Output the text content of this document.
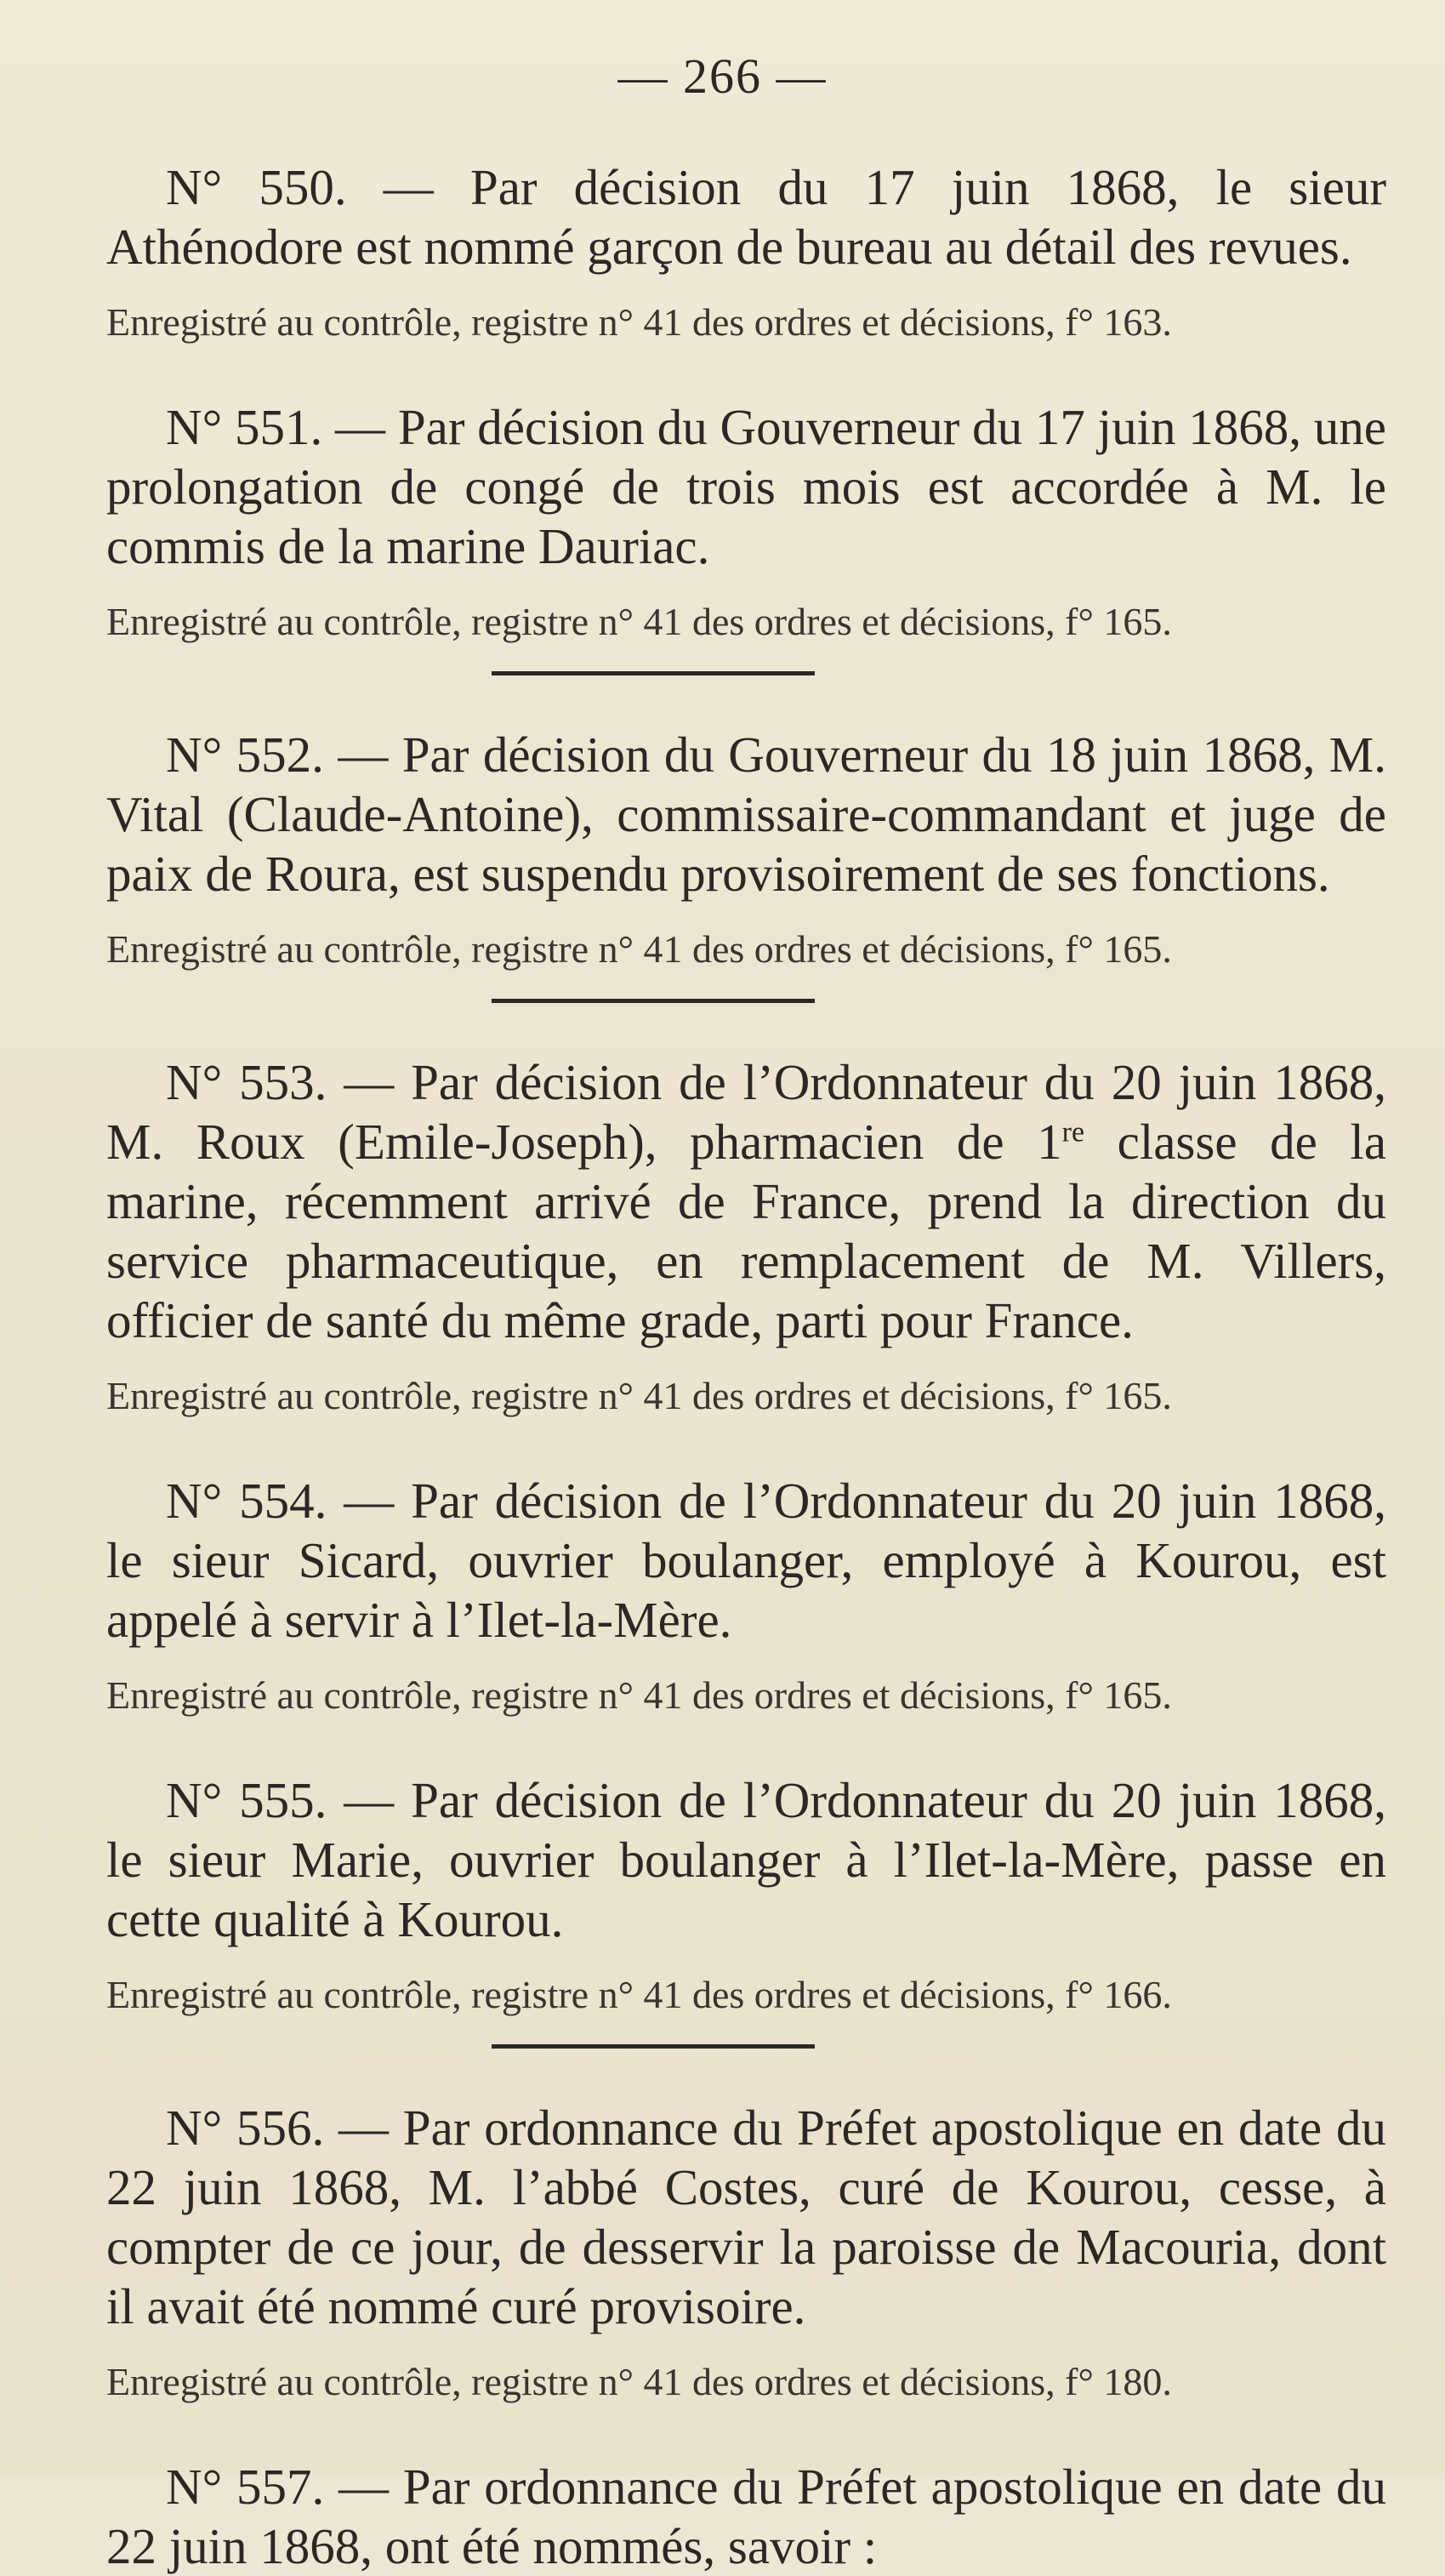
— 266 —

N° 550. — Par décision du 17 juin 1868, le sieur Athénodore est nommé garçon de bureau au détail des revues.

Enregistré au contrôle, registre n° 41 des ordres et décisions, f° 163.

N° 551. — Par décision du Gouverneur du 17 juin 1868, une prolongation de congé de trois mois est accordée à M. le commis de la marine Dauriac.

Enregistré au contrôle, registre n° 41 des ordres et décisions, f° 165.

N° 552. — Par décision du Gouverneur du 18 juin 1868, M. Vital (Claude-Antoine), commissaire-commandant et juge de paix de Roura, est suspendu provisoirement de ses fonctions.

Enregistré au contrôle, registre n° 41 des ordres et décisions, f° 165.

N° 553. — Par décision de l’Ordonnateur du 20 juin 1868, M. Roux (Emile-Joseph), pharmacien de 1re classe de la marine, récemment arrivé de France, prend la direction du service pharmaceutique, en remplacement de M. Villers, officier de santé du même grade, parti pour France.

Enregistré au contrôle, registre n° 41 des ordres et décisions, f° 165.

N° 554. — Par décision de l’Ordonnateur du 20 juin 1868, le sieur Sicard, ouvrier boulanger, employé à Kourou, est appelé à servir à l’Ilet-la-Mère.

Enregistré au contrôle, registre n° 41 des ordres et décisions, f° 165.

N° 555. — Par décision de l’Ordonnateur du 20 juin 1868, le sieur Marie, ouvrier boulanger à l’Ilet-la-Mère, passe en cette qualité à Kourou.

Enregistré au contrôle, registre n° 41 des ordres et décisions, f° 166.

N° 556. — Par ordonnance du Préfet apostolique en date du 22 juin 1868, M. l’abbé Costes, curé de Kourou, cesse, à compter de ce jour, de desservir la paroisse de Macouria, dont il avait été nommé curé provisoire.

Enregistré au contrôle, registre n° 41 des ordres et décisions, f° 180.

N° 557. — Par ordonnance du Préfet apostolique en date du 22 juin 1868, ont été nommés, savoir :
